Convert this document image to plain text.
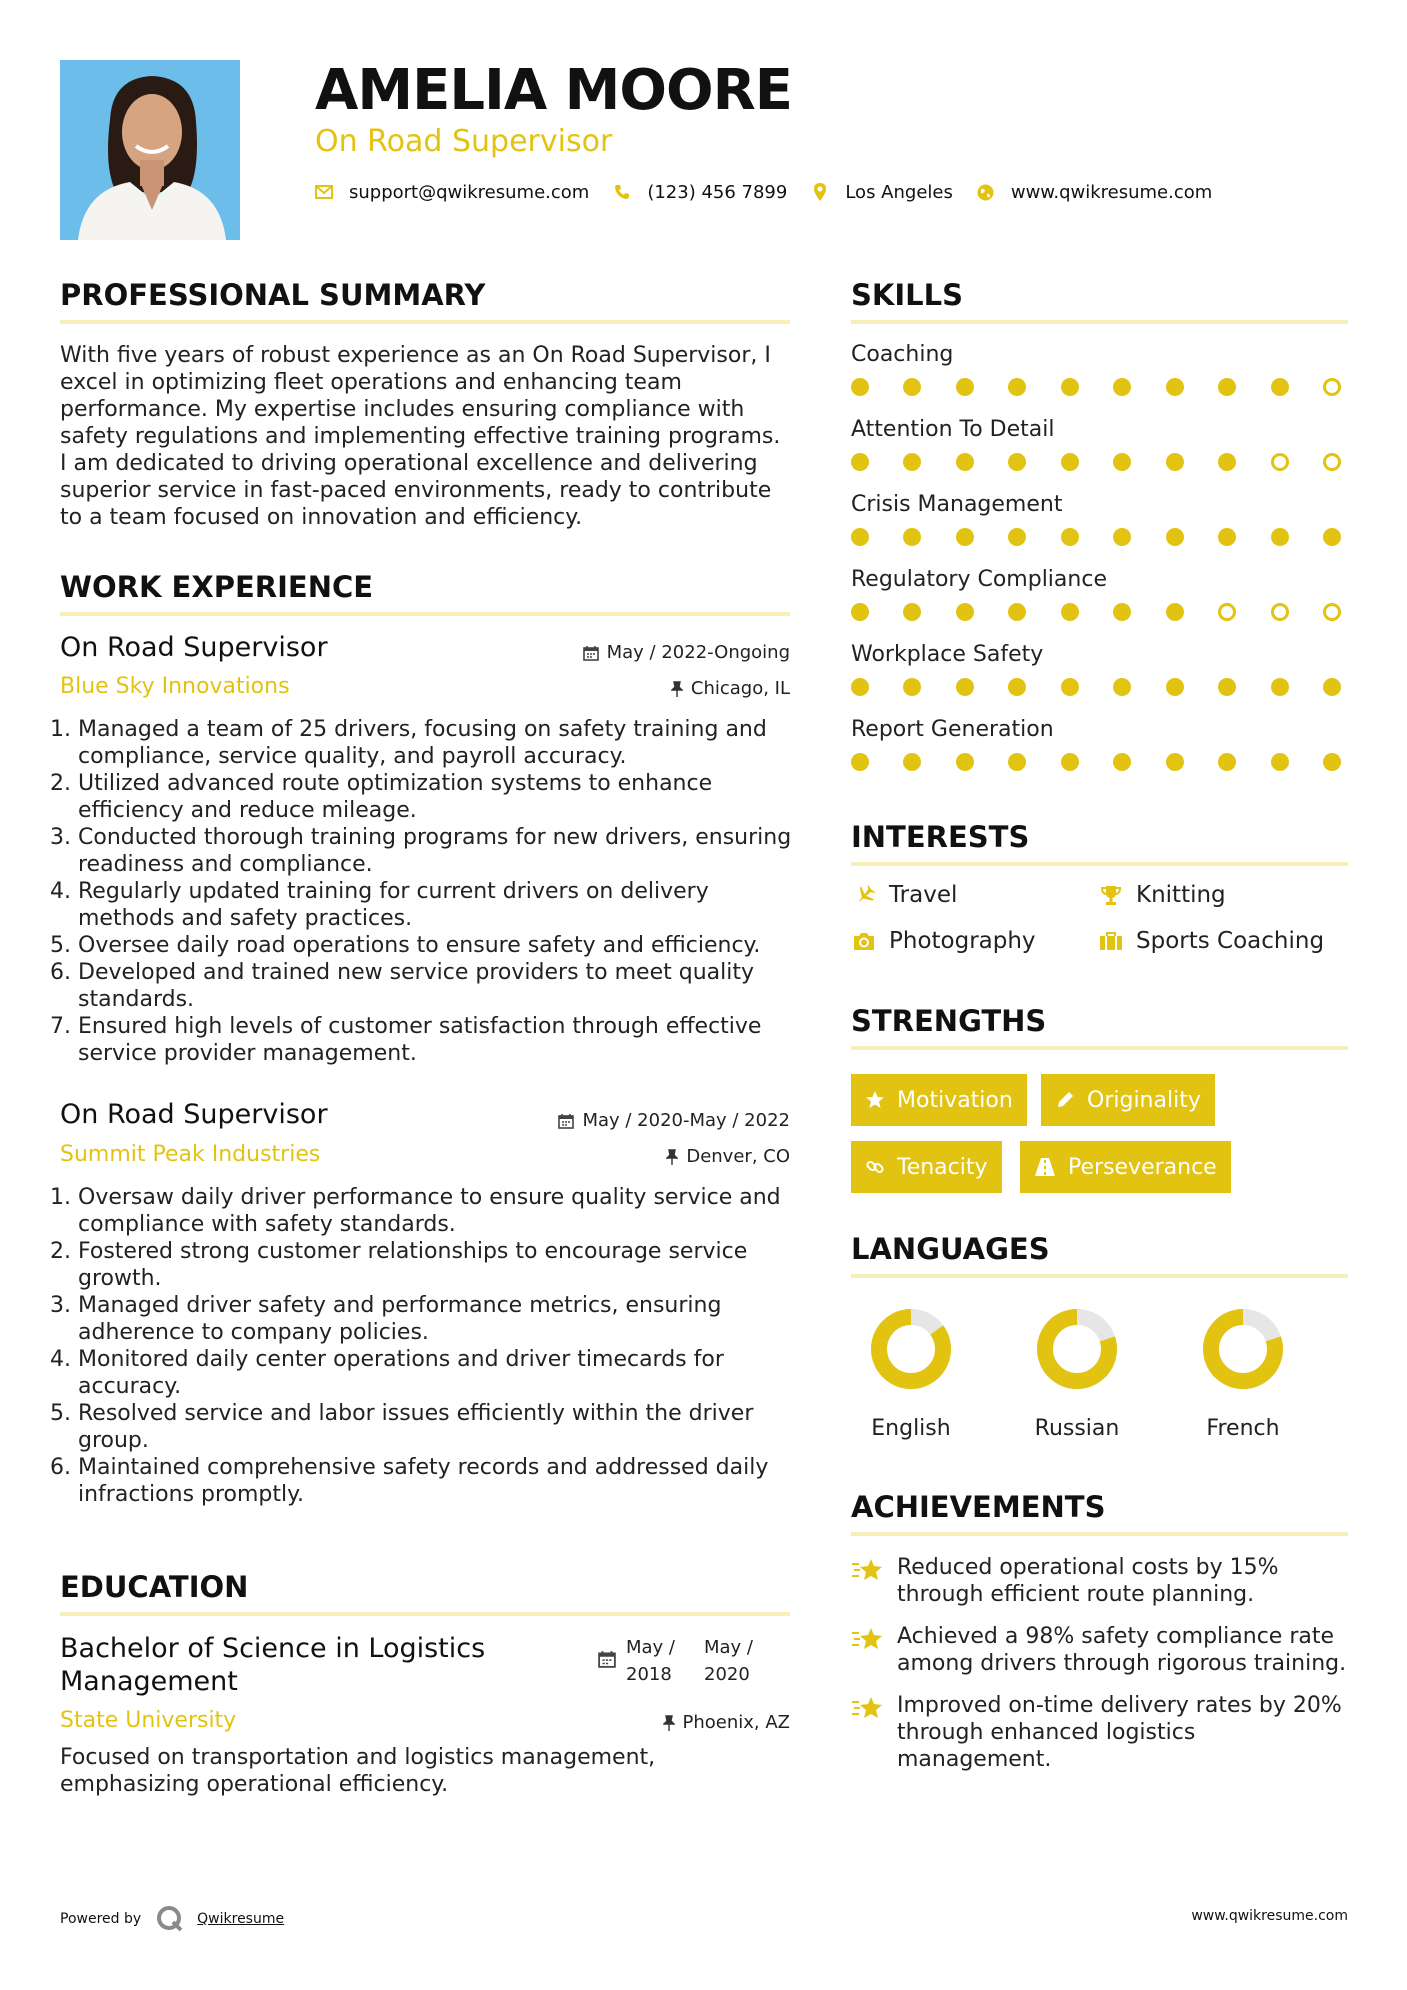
AMELIA MOORE
On Road Supervisor
support@qwikresume.com	(123) 456 7899	Los Angeles	www.qwikresume.com
PROFESSIONAL SUMMARY
With five years of robust experience as an On Road Supervisor, I excel in optimizing fleet operations and enhancing team performance. My expertise includes ensuring compliance with safety regulations and implementing effective training programs. I am dedicated to driving operational excellence and delivering superior service in fast-paced environments, ready to contribute to a team focused on innovation and efficiency.
WORK EXPERIENCE
On Road Supervisor	May / 2022-Ongoing
Blue Sky Innovations	Chicago, IL
1. Managed a team of 25 drivers, focusing on safety training and compliance, service quality, and payroll accuracy.
2. Utilized advanced route optimization systems to enhance efficiency and reduce mileage.
3. Conducted thorough training programs for new drivers, ensuring readiness and compliance.
4. Regularly updated training for current drivers on delivery methods and safety practices.
5. Oversee daily road operations to ensure safety and efficiency.
6. Developed and trained new service providers to meet quality standards.
7. Ensured high levels of customer satisfaction through effective service provider management.
On Road Supervisor	May / 2020-May / 2022
Summit Peak Industries	Denver, CO
1. Oversaw daily driver performance to ensure quality service and compliance with safety standards.
2. Fostered strong customer relationships to encourage service growth.
3. Managed driver safety and performance metrics, ensuring adherence to company policies.
4. Monitored daily center operations and driver timecards for accuracy.
5. Resolved service and labor issues efficiently within the driver group.
6. Maintained comprehensive safety records and addressed daily infractions promptly.
EDUCATION
Bachelor of Science in Logistics Management
May / 2018
May / 2020
State University	Phoenix, AZ
Focused on transportation and logistics management, emphasizing operational efficiency.
SKILLS
Coaching
Attention To Detail
Crisis Management
Regulatory Compliance
Workplace Safety
Report Generation
INTERESTS
Travel	Knitting
Photography	Sports Coaching
STRENGTHS
Motivation	Originality
Tenacity	Perseverance
LANGUAGES
English	Russian	French
ACHIEVEMENTS
Reduced operational costs by 15% through efficient route planning.
Achieved a 98% safety compliance rate among drivers through rigorous training.
Improved on-time delivery rates by 20% through enhanced logistics management.
Powered by	Qwikresume	www.qwikresume.com
